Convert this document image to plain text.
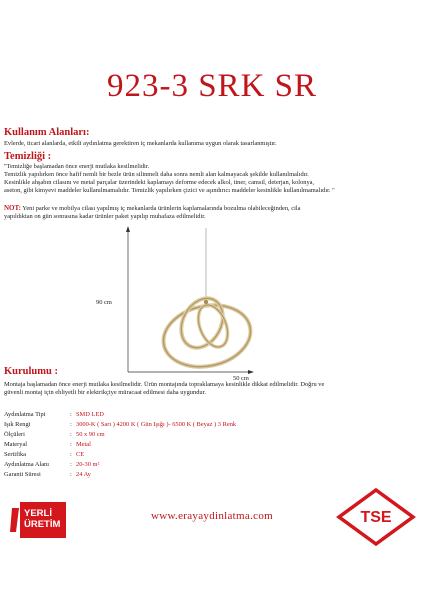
923-3 SRK SR
Kullanım Alanları:
Evlerde, ticari alanlarda, etkili aydınlatma gerektiren iç mekanlarda kullanıma uygun olarak tasarlanmıştır.
Temizliği :
"Temizliğe başlamadan önce enerji mutlaka kesilmelidir.
Temizlik yapılırken önce hafif nemli bir bezle ürün silinmeli daha sonra nemli alan kalmayacak şekilde kullanılmalıdır.
Kesinlikle ahşabın cilasını ve metal parçalar üzerindeki kaplamayı deforme edecek alkol, tiner, camsil, deterjan, kolonya,
aseton, gibi kimyevi maddeler kullanılmamalıdır. Temizlik yapılırken çizici ve aşındırıcı maddeler kesinlikle kullanılmamalıdır. "
NOT: Yeni parke ve mobilya cilası yapılmış iç mekanlarda ürünlerin kaplamalarında bozulma olabileceğinden, cila
yapıldıktan on gün sonrasına kadar ürünler paket yapılıp muhafaza edilmelidir.
90 cm
50 cm
Kurulumu :
Montaja başlamadan önce enerji mutlaka kesilmelidir. Ürün montajında topraklamaya kesinlikle dikkat edilmelidir. Doğru ve
güvenli montaj için ehliyetli bir elektrikçiye müracaat edilmesi daha uygundur.
Aydınlatma Tipi	: SMD LED
Işık Rengi	: 3000-K ( Sarı ) 4200 K ( Gün Işığı )- 6500 K ( Beyaz ) 3 Renk
Ölçüleri	: 50 x 90 cm
Materyal	: Metal
Sertifika	: CE
Aydınlatma Alanı	: 20-30 m²
Garanti Süresi	: 24 Ay
YERLİ
ÜRETİM
www.erayaydinlatma.com	TSE
